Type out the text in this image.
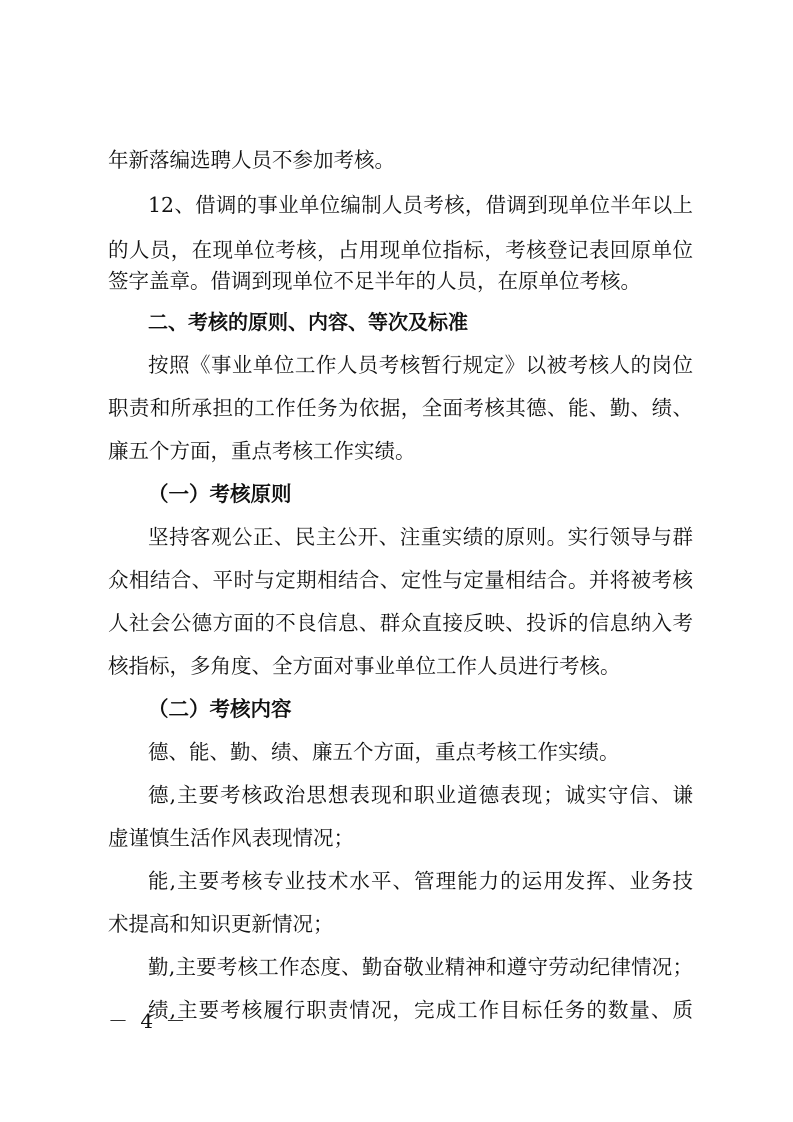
年新落编选聘人员不参加考核。
12、借调的事业单位编制人员考核，借调到现单位半年以上
的人员，在现单位考核，占用现单位指标，考核登记表回原单位
签字盖章。借调到现单位不足半年的人员，在原单位考核。
二、考核的原则、内容、等次及标准
按照《事业单位工作人员考核暂行规定》以被考核人的岗位
职责和所承担的工作任务为依据，全面考核其德、能、勤、绩、
廉五个方面，重点考核工作实绩。
（一）考核原则
坚持客观公正、民主公开、注重实绩的原则。实行领导与群
众相结合、平时与定期相结合、定性与定量相结合。并将被考核
人社会公德方面的不良信息、群众直接反映、投诉的信息纳入考
核指标，多角度、全方面对事业单位工作人员进行考核。
（二）考核内容
德、能、勤、绩、廉五个方面，重点考核工作实绩。
德,主要考核政治思想表现和职业道德表现；诚实守信、谦
虚谨慎生活作风表现情况；
能,主要考核专业技术水平、管理能力的运用发挥、业务技
术提高和知识更新情况；
勤,主要考核工作态度、勤奋敬业精神和遵守劳动纪律情况；
绩,主要考核履行职责情况，完成工作目标任务的数量、质
－ 4 －
